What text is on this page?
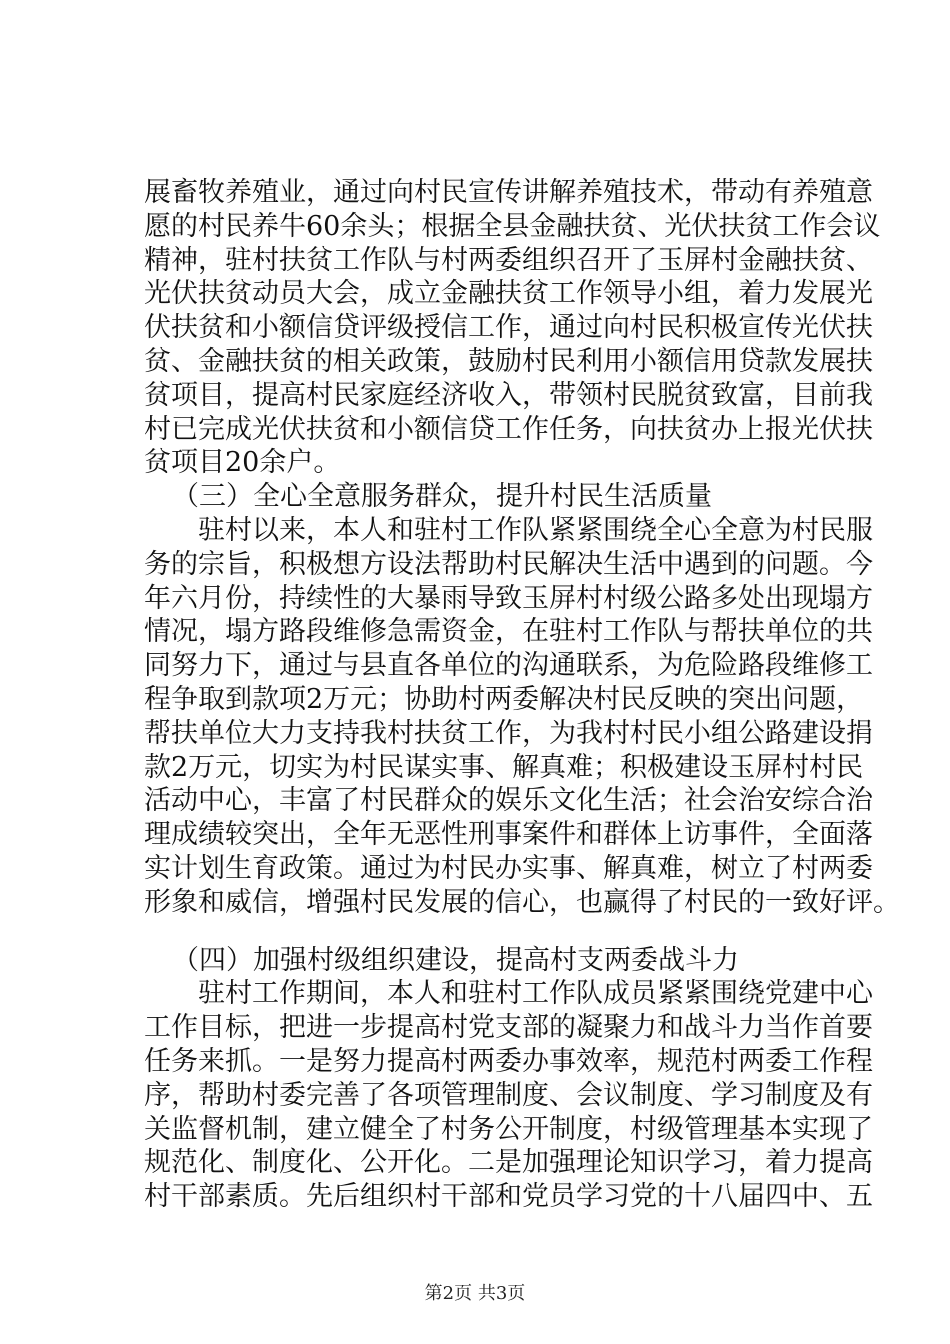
展畜牧养殖业，通过向村民宣传讲解养殖技术，带动有养殖意
愿的村民养牛60余头；根据全县金融扶贫、光伏扶贫工作会议
精神，驻村扶贫工作队与村两委组织召开了玉屏村金融扶贫、
光伏扶贫动员大会，成立金融扶贫工作领导小组，着力发展光
伏扶贫和小额信贷评级授信工作，通过向村民积极宣传光伏扶
贫、金融扶贫的相关政策，鼓励村民利用小额信用贷款发展扶
贫项目，提高村民家庭经济收入，带领村民脱贫致富，目前我
村已完成光伏扶贫和小额信贷工作任务，向扶贫办上报光伏扶
贫项目20余户。
（三）全心全意服务群众，提升村民生活质量
驻村以来，本人和驻村工作队紧紧围绕全心全意为村民服
务的宗旨，积极想方设法帮助村民解决生活中遇到的问题。今
年六月份，持续性的大暴雨导致玉屏村村级公路多处出现塌方
情况，塌方路段维修急需资金，在驻村工作队与帮扶单位的共
同努力下，通过与县直各单位的沟通联系，为危险路段维修工
程争取到款项2万元；协助村两委解决村民反映的突出问题，
帮扶单位大力支持我村扶贫工作，为我村村民小组公路建设捐
款2万元，切实为村民谋实事、解真难；积极建设玉屏村村民
活动中心，丰富了村民群众的娱乐文化生活；社会治安综合治
理成绩较突出，全年无恶性刑事案件和群体上访事件，全面落
实计划生育政策。通过为村民办实事、解真难，树立了村两委
形象和威信，增强村民发展的信心，也赢得了村民的一致好评。
（四）加强村级组织建设，提高村支两委战斗力
驻村工作期间，本人和驻村工作队成员紧紧围绕党建中心
工作目标，把进一步提高村党支部的凝聚力和战斗力当作首要
任务来抓。一是努力提高村两委办事效率，规范村两委工作程
序，帮助村委完善了各项管理制度、会议制度、学习制度及有
关监督机制，建立健全了村务公开制度，村级管理基本实现了
规范化、制度化、公开化。二是加强理论知识学习，着力提高
村干部素质。先后组织村干部和党员学习党的十八届四中、五
第2页 共3页
